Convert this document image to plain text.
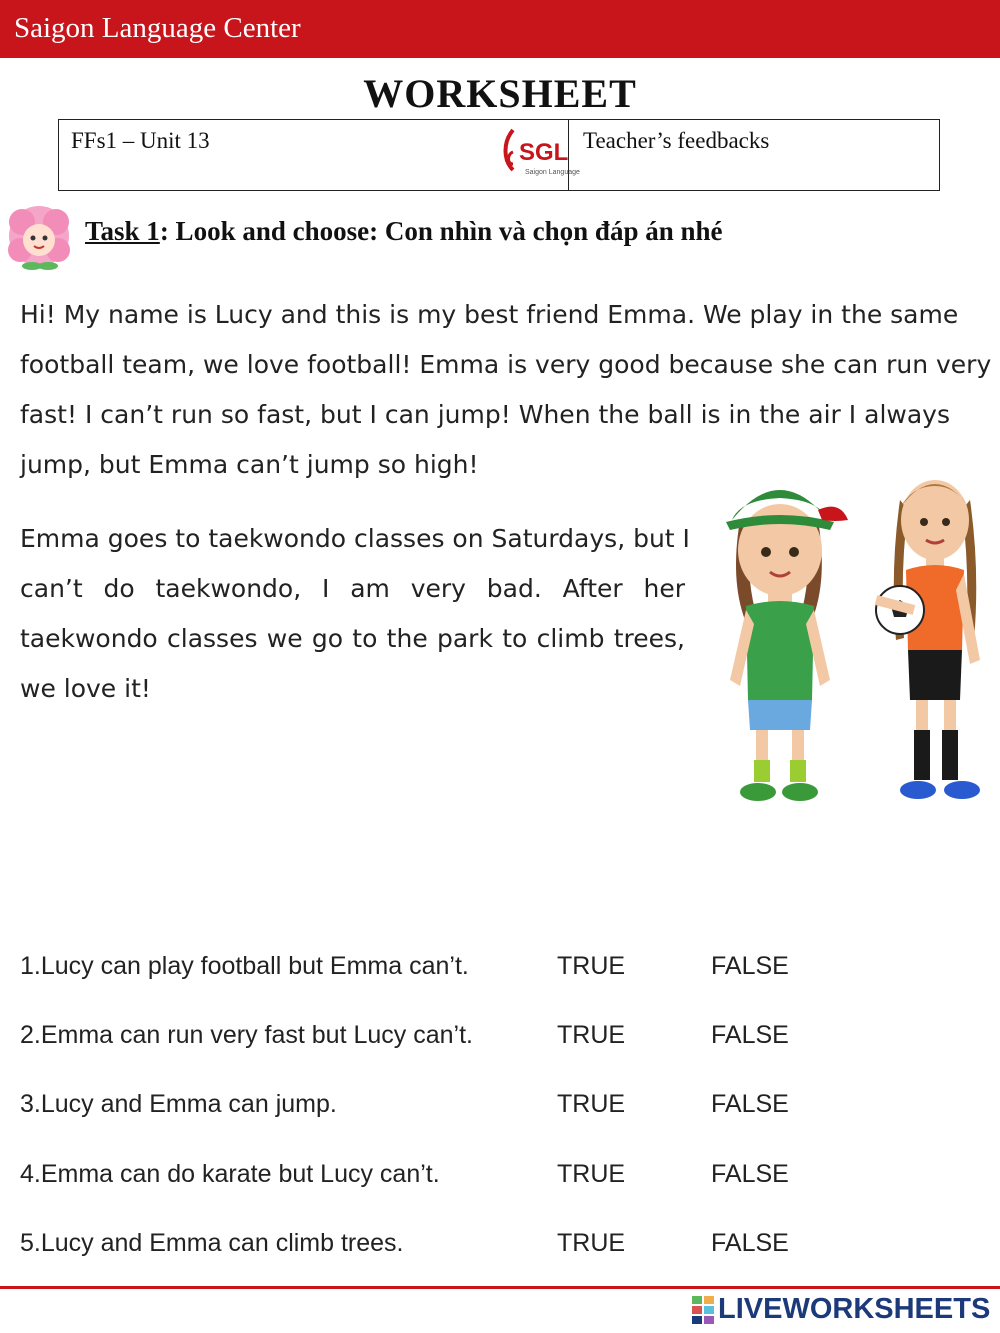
Saigon Language Center
WORKSHEET
FFs1 – Unit 13	SGL
Saigon Language
Teacher’s feedbacks
Task 1: Look and choose: Con nhìn và chọn đáp án nhé
Hi! My name is Lucy and this is my best friend Emma. We play in the same
football team, we love football! Emma is very good because she can run very
fast! I can’t run so fast, but I can jump! When the ball is in the air I always
jump, but Emma can’t jump so high!
Emma goes to taekwondo classes on Saturdays, but I
can’t do taekwondo, I am very bad. After her
taekwondo classes we go to the park to climb trees,
we love it!
1.Lucy can play football but Emma can’t.	TRUE	FALSE
2.Emma can run very fast but Lucy can’t.	TRUE	FALSE
3.Lucy and Emma can jump.	TRUE	FALSE
4.Emma can do karate but Lucy can’t.	TRUE	FALSE
5.Lucy and Emma can climb trees.	TRUE	FALSE
LIVEWORKSHEETS
